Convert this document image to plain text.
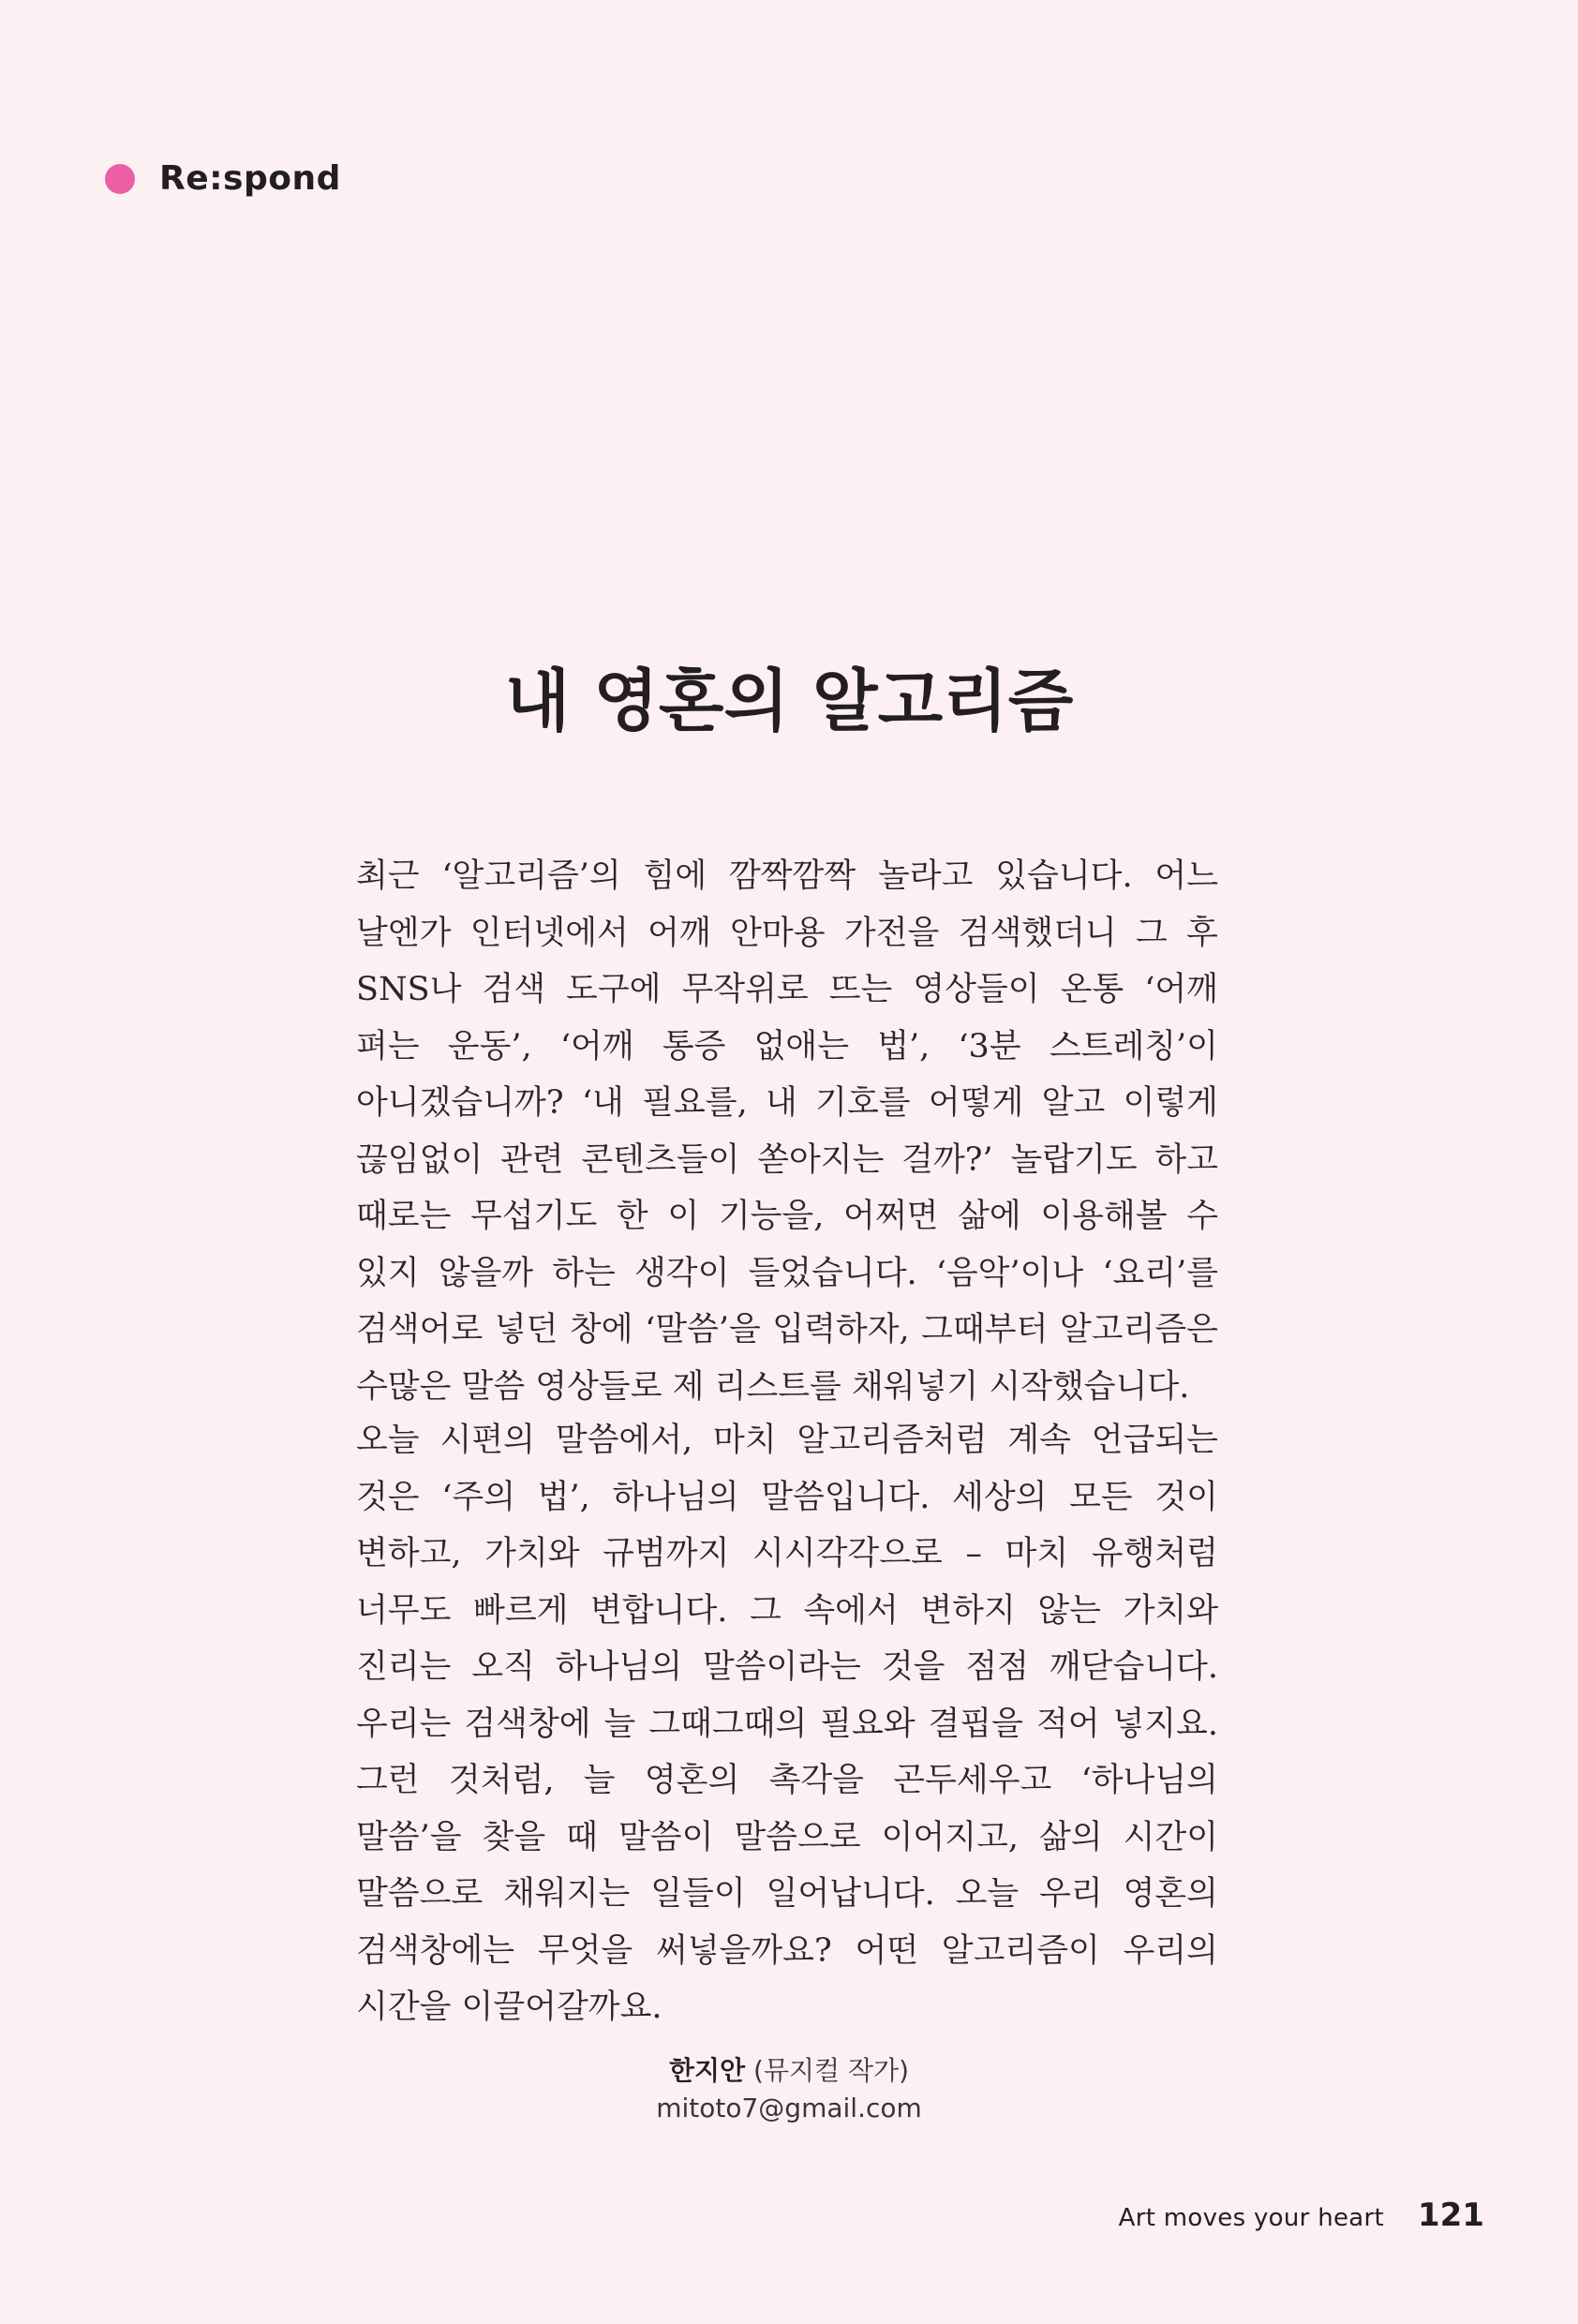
Re:spond
내 영혼의 알고리즘

최근 ‘알고리즘’의 힘에 깜짝깜짝 놀라고 있습니다. 어느 날엔가 인터넷에서 어깨 안마용 가전을 검색했더니 그 후 SNS나 검색 도구에 무작위로 뜨는 영상들이 온통 ‘어깨 펴는 운동’, ‘어깨 통증 없애는 법’, ‘3분 스트레칭’이 아니겠습니까? ‘내 필요를, 내 기호를 어떻게 알고 이렇게 끊임없이 관련 콘텐츠들이 쏟아지는 걸까?’ 놀랍기도 하고 때로는 무섭기도 한 이 기능을, 어쩌면 삶에 이용해볼 수 있지 않을까 하는 생각이 들었습니다. ‘음악’이나 ‘요리’를 검색어로 넣던 창에 ‘말씀’을 입력하자, 그때부터 알고리즘은 수많은 말씀 영상들로 제 리스트를 채워넣기 시작했습니다.

오늘 시편의 말씀에서, 마치 알고리즘처럼 계속 언급되는 것은 ‘주의 법’, 하나님의 말씀입니다. 세상의 모든 것이 변하고, 가치와 규범까지 시시각각으로 – 마치 유행처럼 너무도 빠르게 변합니다. 그 속에서 변하지 않는 가치와 진리는 오직 하나님의 말씀이라는 것을 점점 깨닫습니다. 우리는 검색창에 늘 그때그때의 필요와 결핍을 적어 넣지요. 그런 것처럼, 늘 영혼의 촉각을 곤두세우고 ‘하나님의 말씀’을 찾을 때 말씀이 말씀으로 이어지고, 삶의 시간이 말씀으로 채워지는 일들이 일어납니다. 오늘 우리 영혼의 검색창에는 무엇을 써넣을까요? 어떤 알고리즘이 우리의 시간을 이끌어갈까요.

한지안 (뮤지컬 작가)
mitoto7@gmail.com
Art moves your heart 121
